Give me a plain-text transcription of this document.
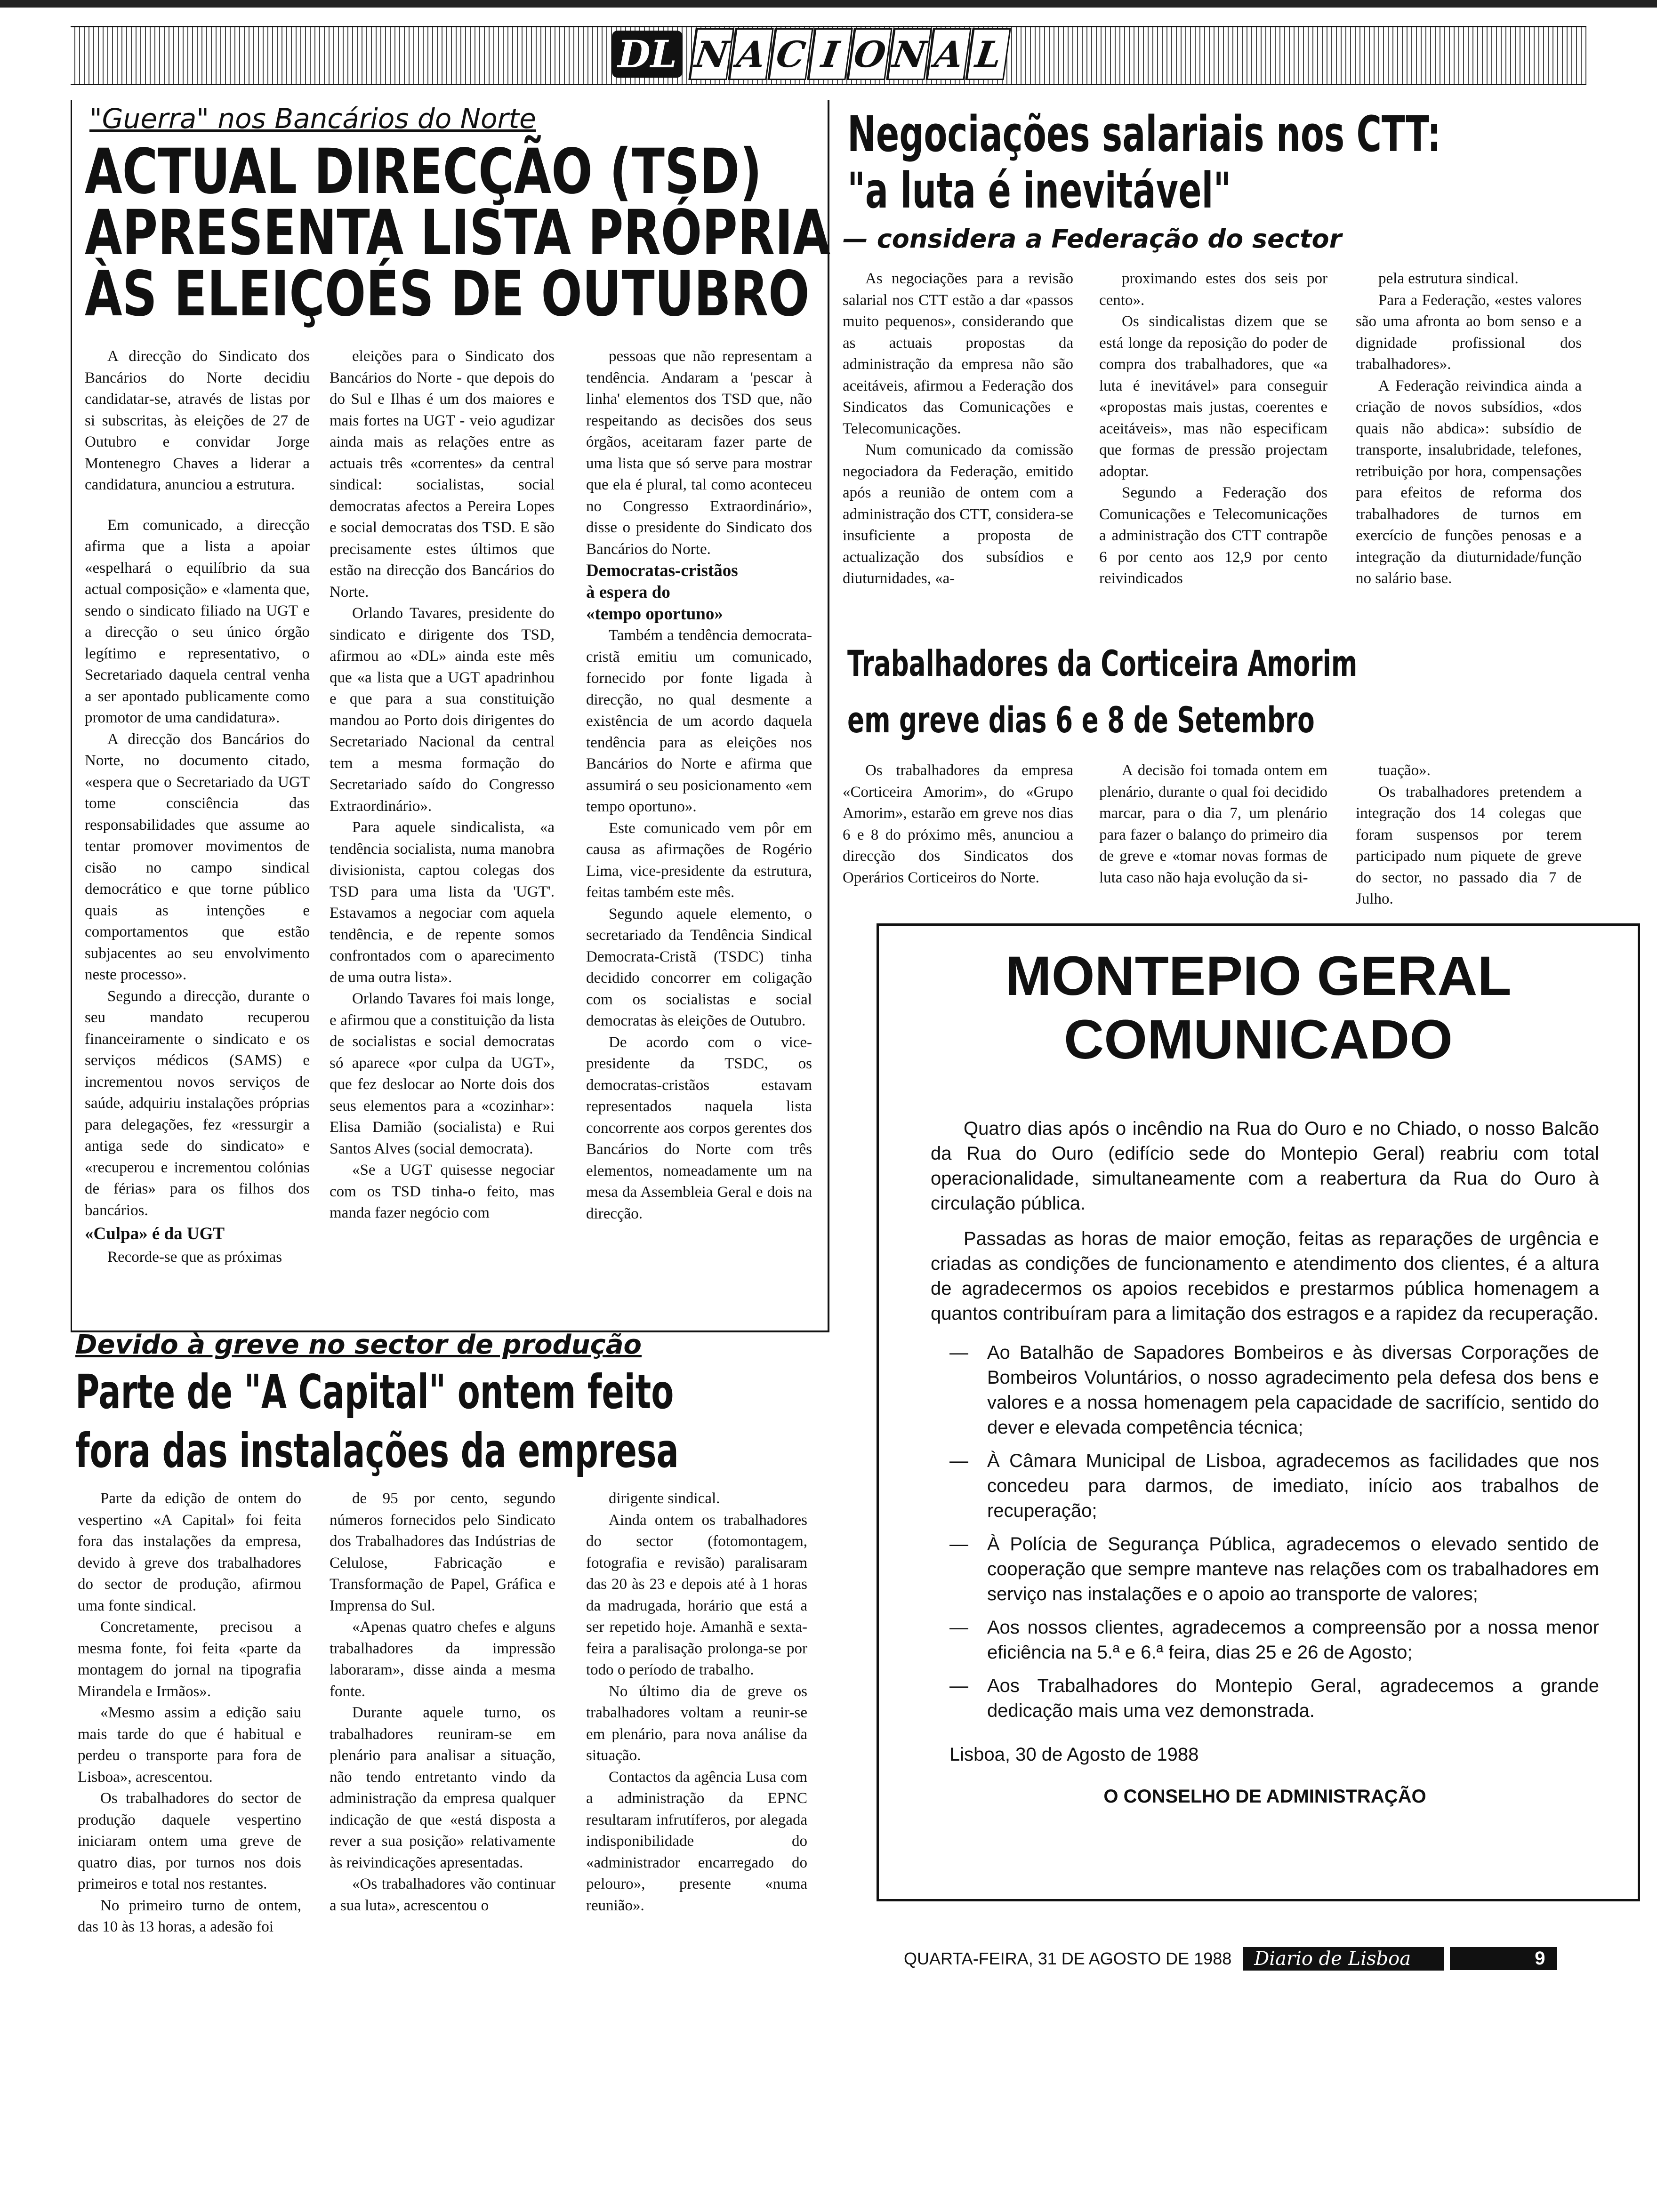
DL N A C I O N A L
"Guerra" nos Bancários do Norte
ACTUAL DIRECÇÃO (TSD)
APRESENTA LISTA PRÓPRIA
ÀS ELEIÇOÉS DE OUTUBRO

A direcção do Sindicato dos Bancários do Norte decidiu candidatar-se, através de listas por si subscritas, às eleições de 27 de Outubro e convidar Jorge Montenegro Chaves a liderar a candidatura, anunciou a estrutura.

Em comunicado, a direcção afirma que a lista a apoiar «espelhará o equilíbrio da sua actual composição» e «lamenta que, sendo o sindicato filiado na UGT e a direcção o seu único órgão legítimo e representativo, o Secretariado daquela central venha a ser apontado publicamente como promotor de uma candidatura».

A direcção dos Bancários do Norte, no documento citado, «espera que o Secretariado da UGT tome consciência das responsabilidades que assume ao tentar promover movimentos de cisão no campo sindical democrático e que torne público quais as intenções e comportamentos que estão subjacentes ao seu envolvimento neste processo».

Segundo a direcção, durante o seu mandato recuperou financeiramente o sindicato e os serviços médicos (SAMS) e incrementou novos serviços de saúde, adquiriu instalações próprias para delegações, fez «ressurgir a antiga sede do sindicato» e «recuperou e incrementou colónias de férias» para os filhos dos bancários.

«Culpa» é da UGT

Recorde-se que as próximas

eleições para o Sindicato dos Bancários do Norte - que depois do do Sul e Ilhas é um dos maiores e mais fortes na UGT - veio agudizar ainda mais as relações entre as actuais três «correntes» da central sindical: socialistas, social democratas afectos a Pereira Lopes e social democratas dos TSD. E são precisamente estes últimos que estão na direcção dos Bancários do Norte.

Orlando Tavares, presidente do sindicato e dirigente dos TSD, afirmou ao «DL» ainda este mês que «a lista que a UGT apadrinhou e que para a sua constituição mandou ao Porto dois dirigentes do Secretariado Nacional da central tem a mesma formação do Secretariado saído do Congresso Extraordinário».

Para aquele sindicalista, «a tendência socialista, numa manobra divisionista, captou colegas dos TSD para uma lista da 'UGT'. Estavamos a negociar com aquela tendência, e de repente somos confrontados com o aparecimento de uma outra lista».

Orlando Tavares foi mais longe, e afirmou que a constituição da lista de socialistas e social democratas só aparece «por culpa da UGT», que fez deslocar ao Norte dois dos seus elementos para a «cozinhar»: Elisa Damião (socialista) e Rui Santos Alves (social democrata).

«Se a UGT quisesse negociar com os TSD tinha-o feito, mas manda fazer negócio com

pessoas que não representam a tendência. Andaram a 'pescar à linha' elementos dos TSD que, não respeitando as decisões dos seus órgãos, aceitaram fazer parte de uma lista que só serve para mostrar que ela é plural, tal como aconteceu no Congresso Extraordinário», disse o presidente do Sindicato dos Bancários do Norte.

Democratas-cristãos
à espera do
«tempo oportuno»

Também a tendência democrata-cristã emitiu um comunicado, fornecido por fonte ligada à direcção, no qual desmente a existência de um acordo daquela tendência para as eleições nos Bancários do Norte e afirma que assumirá o seu posicionamento «em tempo oportuno».

Este comunicado vem pôr em causa as afirmações de Rogério Lima, vice-presidente da estrutura, feitas também este mês.

Segundo aquele elemento, o secretariado da Tendência Sindical Democrata-Cristã (TSDC) tinha decidido concorrer em coligação com os socialistas e social democratas às eleições de Outubro.

De acordo com o vice-presidente da TSDC, os democratas-cristãos estavam representados naquela lista concorrente aos corpos gerentes dos Bancários do Norte com três elementos, nomeadamente um na mesa da Assembleia Geral e dois na direcção.

Negociações salariais nos CTT:
"a luta é inevitável"
— considera a Federação do sector

As negociações para a revisão salarial nos CTT estão a dar «passos muito pequenos», considerando que as actuais propostas da administração da empresa não são aceitáveis, afirmou a Federação dos Sindicatos das Comunicações e Telecomunicações.

Num comunicado da comissão negociadora da Federação, emitido após a reunião de ontem com a administração dos CTT, considera-se insuficiente a proposta de actualização dos subsídios e diuturnidades, «a-

proximando estes dos seis por cento».

Os sindicalistas dizem que se está longe da reposição do poder de compra dos trabalhadores, que «a luta é inevitável» para conseguir «propostas mais justas, coerentes e aceitáveis», mas não especificam que formas de pressão projectam adoptar.

Segundo a Federação dos Comunicações e Telecomunicações a administração dos CTT contrapõe 6 por cento aos 12,9 por cento reivindicados

pela estrutura sindical.

Para a Federação, «estes valores são uma afronta ao bom senso e a dignidade profissional dos trabalhadores».

A Federação reivindica ainda a criação de novos subsídios, «dos quais não abdica»: subsídio de transporte, insalubridade, telefones, retribuição por hora, compensações para efeitos de reforma dos trabalhadores de turnos em exercício de funções penosas e a integração da diuturnidade/função no salário base.

Trabalhadores da Corticeira Amorim
em greve dias 6 e 8 de Setembro

Os trabalhadores da empresa «Corticeira Amorim», do «Grupo Amorim», estarão em greve nos dias 6 e 8 do próximo mês, anunciou a direcção dos Sindicatos dos Operários Corticeiros do Norte.

A decisão foi tomada ontem em plenário, durante o qual foi decidido marcar, para o dia 7, um plenário para fazer o balanço do primeiro dia de greve e «tomar novas formas de luta caso não haja evolução da si-

tuação».

Os trabalhadores pretendem a integração dos 14 colegas que foram suspensos por terem participado num piquete de greve do sector, no passado dia 7 de Julho.

Devido à greve no sector de produção
Parte de "A Capital" ontem feito
fora das instalações da empresa

Parte da edição de ontem do vespertino «A Capital» foi feita fora das instalações da empresa, devido à greve dos trabalhadores do sector de produção, afirmou uma fonte sindical.

Concretamente, precisou a mesma fonte, foi feita «parte da montagem do jornal na tipografia Mirandela e Irmãos».

«Mesmo assim a edição saiu mais tarde do que é habitual e perdeu o transporte para fora de Lisboa», acrescentou.

Os trabalhadores do sector de produção daquele vespertino iniciaram ontem uma greve de quatro dias, por turnos nos dois primeiros e total nos restantes.

No primeiro turno de ontem, das 10 às 13 horas, a adesão foi

de 95 por cento, segundo números fornecidos pelo Sindicato dos Trabalhadores das Indústrias de Celulose, Fabricação e Transformação de Papel, Gráfica e Imprensa do Sul.

«Apenas quatro chefes e alguns trabalhadores da impressão laboraram», disse ainda a mesma fonte.

Durante aquele turno, os trabalhadores reuniram-se em plenário para analisar a situação, não tendo entretanto vindo da administração da empresa qualquer indicação de que «está disposta a rever a sua posição» relativamente às reivindicações apresentadas.

«Os trabalhadores vão continuar a sua luta», acrescentou o

dirigente sindical.

Ainda ontem os trabalhadores do sector (fotomontagem, fotografia e revisão) paralisaram das 20 às 23 e depois até à 1 horas da madrugada, horário que está a ser repetido hoje. Amanhã e sexta-feira a paralisação prolonga-se por todo o período de trabalho.

No último dia de greve os trabalhadores voltam a reunir-se em plenário, para nova análise da situação.

Contactos da agência Lusa com a administração da EPNC resultaram infrutíferos, por alegada indisponibilidade do «administrador encarregado do pelouro», presente «numa reunião».

MONTEPIO GERAL
COMUNICADO

Quatro dias após o incêndio na Rua do Ouro e no Chiado, o nosso Balcão da Rua do Ouro (edifício sede do Montepio Geral) reabriu com total operacionalidade, simultaneamente com a reabertura da Rua do Ouro à circulação pública.

Passadas as horas de maior emoção, feitas as reparações de urgência e criadas as condições de funcionamento e atendimento dos clientes, é a altura de agradecermos os apoios recebidos e prestarmos pública homenagem a quantos contribuíram para a limitação dos estragos e a rapidez da recuperação.

—	Ao Batalhão de Sapadores Bombeiros e às diversas Corporações de Bombeiros Voluntários, o nosso agradecimento pela defesa dos bens e valores e a nossa homenagem pela capacidade de sacrifício, sentido do dever e elevada competência técnica;
—	À Câmara Municipal de Lisboa, agradecemos as facilidades que nos concedeu para darmos, de imediato, início aos trabalhos de recuperação;
—	À Polícia de Segurança Pública, agradecemos o elevado sentido de cooperação que sempre manteve nas relações com os trabalhadores em serviço nas instalações e o apoio ao transporte de valores;
—	Aos nossos clientes, agradecemos a compreensão por a nossa menor eficiência na 5.ª e 6.ª feira, dias 25 e 26 de Agosto;
—	Aos Trabalhadores do Montepio Geral, agradecemos a grande dedicação mais uma vez demonstrada.
Lisboa, 30 de Agosto de 1988
O CONSELHO DE ADMINISTRAÇÃO
QUARTA-FEIRA, 31 DE AGOSTO DE 1988	Diario de Lisboa	9
